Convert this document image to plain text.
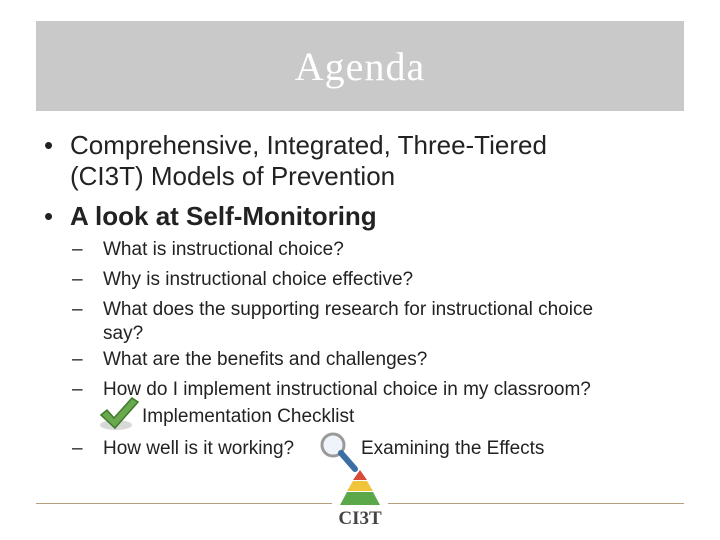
Agenda
• Comprehensive, Integrated, Three-Tiered
(CI3T) Models of Prevention
• A look at Self-Monitoring
– What is instructional choice?
– Why is instructional choice effective?
– What does the supporting research for instructional choice
say?
– What are the benefits and challenges?
– How do I implement instructional choice in my classroom?
Implementation Checklist
– How well is it working?	Examining the Effects
CI3T
